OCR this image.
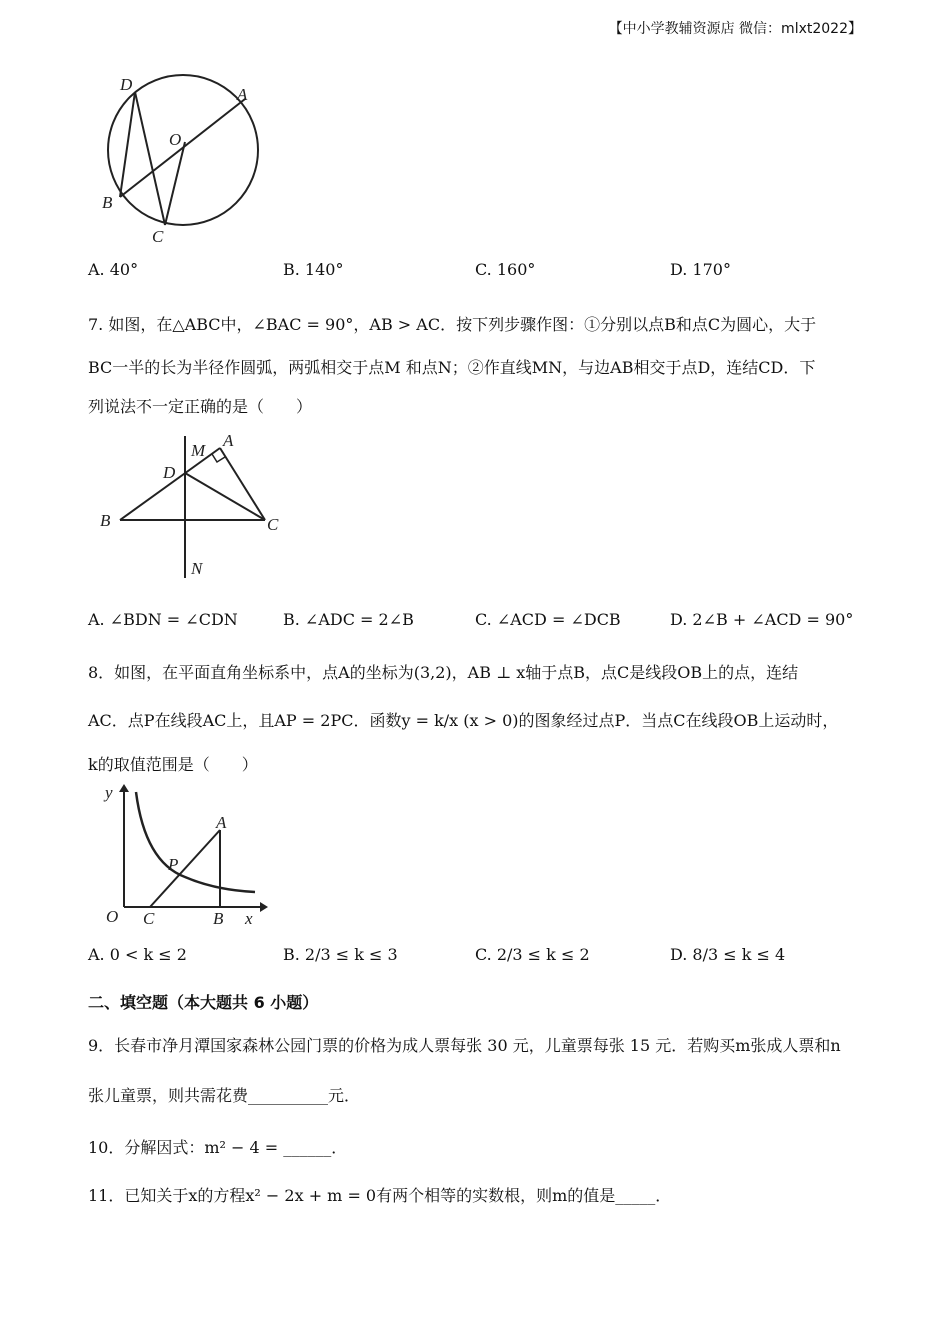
【中小学教辅资源店 微信：mlxt2022】
D
A
O
B
C
A. 40°	B. 140°	C. 160°	D. 170°
7. 如图，在△ABC中，∠BAC = 90°，AB > AC．按下列步骤作图：①分别以点B和点C为圆心，大于
BC一半的长为半径作圆弧，两弧相交于点M 和点N；②作直线MN，与边AB相交于点D，连结CD．下
列说法不一定正确的是（　　）
M
A
D
B	C
N
A. ∠BDN = ∠CDN	B. ∠ADC = 2∠B	C. ∠ACD = ∠DCB	D. 2∠B + ∠ACD = 90°
8．如图，在平面直角坐标系中，点A的坐标为(3,2)，AB ⊥ x轴于点B，点C是线段OB上的点，连结
AC．点P在线段AC上，且AP = 2PC．函数y = k/x (x > 0)的图象经过点P．当点C在线段OB上运动时，
k的取值范围是（　　）
y
x
O C	B
A
P
A. 0 < k ≤ 2	B. 2/3 ≤ k ≤ 3	C. 2/3 ≤ k ≤ 2	D. 8/3 ≤ k ≤ 4
二、填空题（本大题共 6 小题）
9．长春市净月潭国家森林公园门票的价格为成人票每张 30 元，儿童票每张 15 元．若购买m张成人票和n
张儿童票，则共需花费__________元．
10．分解因式：m² − 4 = ______．
11．已知关于x的方程x² − 2x + m = 0有两个相等的实数根，则m的值是_____．
